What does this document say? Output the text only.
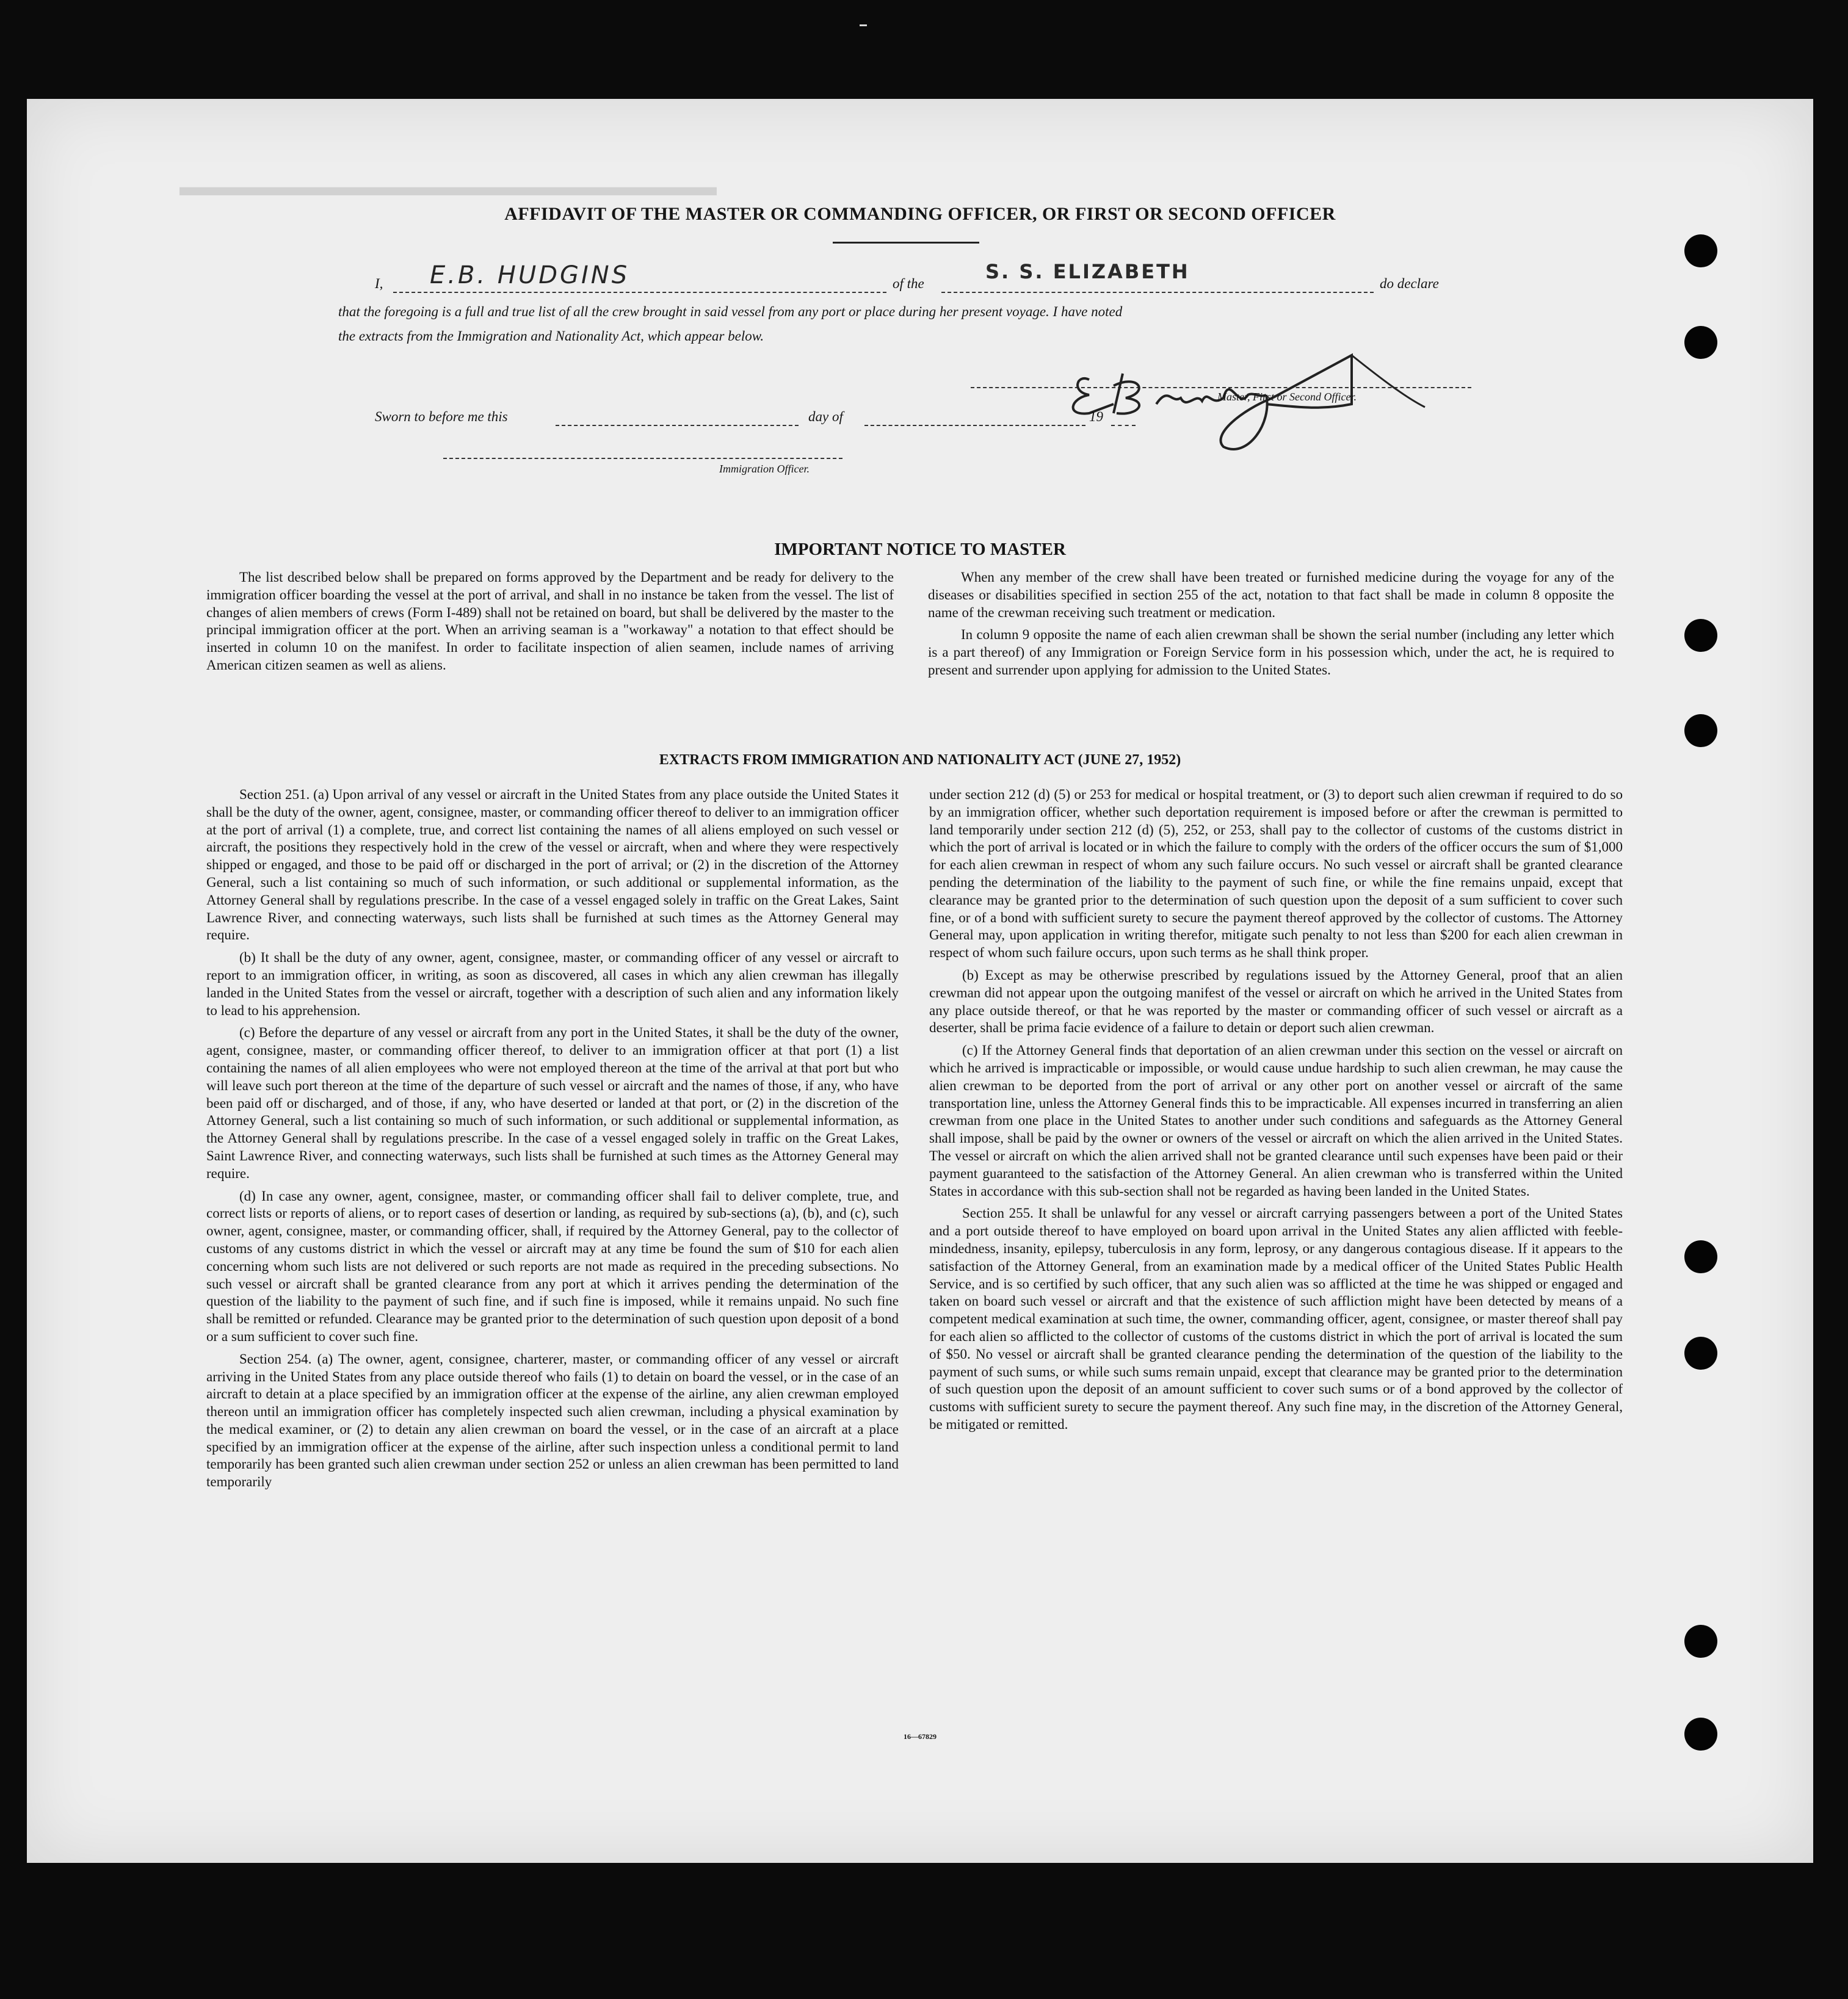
▬▬▬▬▬▬▬▬▬▬▬▬▬▬▬▬▬▬▬▬
AFFIDAVIT OF THE MASTER OR COMMANDING OFFICER, OR FIRST OR SECOND OFFICER
I, E.B. HUDGINS	of the
S. S. ELIZABETH
do declare
that the foregoing is a full and true list of all the crew brought in said vessel from any port or place during her present voyage. I have noted
the extracts from the Immigration and Nationality Act, which appear below.
Master, First or Second Officer.
Sworn to before me this	day of	19
Immigration Officer.
IMPORTANT NOTICE TO MASTER

The list described below shall be prepared on forms approved by the Department and be ready for delivery to the immigration officer boarding the vessel at the port of arrival, and shall in no instance be taken from the vessel. The list of changes of alien members of crews (Form I-489) shall not be retained on board, but shall be delivered by the master to the principal immigration officer at the port. When an arriving seaman is a "workaway" a notation to that effect should be inserted in column 10 on the manifest. In order to facilitate inspection of alien seamen, include names of arriving American citizen seamen as well as aliens.

When any member of the crew shall have been treated or furnished medicine during the voyage for any of the diseases or disabilities specified in section 255 of the act, notation to that fact shall be made in column 8 opposite the name of the crewman receiving such treatment or medication.

In column 9 opposite the name of each alien crewman shall be shown the serial number (including any letter which is a part thereof) of any Immigration or Foreign Service form in his possession which, under the act, he is required to present and surrender upon applying for admission to the United States.

EXTRACTS FROM IMMIGRATION AND NATIONALITY ACT (JUNE 27, 1952)

Section 251. (a) Upon arrival of any vessel or aircraft in the United States from any place outside the United States it shall be the duty of the owner, agent, consignee, master, or commanding officer thereof to deliver to an immigration officer at the port of arrival (1) a complete, true, and correct list containing the names of all aliens employed on such vessel or aircraft, the positions they respectively hold in the crew of the vessel or aircraft, when and where they were respectively shipped or engaged, and those to be paid off or discharged in the port of arrival; or (2) in the discretion of the Attorney General, such a list containing so much of such information, or such additional or supplemental information, as the Attorney General shall by regulations prescribe. In the case of a vessel engaged solely in traffic on the Great Lakes, Saint Lawrence River, and connecting waterways, such lists shall be furnished at such times as the Attorney General may require.

(b) It shall be the duty of any owner, agent, consignee, master, or commanding officer of any vessel or aircraft to report to an immigration officer, in writing, as soon as discovered, all cases in which any alien crewman has illegally landed in the United States from the vessel or aircraft, together with a description of such alien and any information likely to lead to his apprehension.

(c) Before the departure of any vessel or aircraft from any port in the United States, it shall be the duty of the owner, agent, consignee, master, or commanding officer thereof, to deliver to an immigration officer at that port (1) a list containing the names of all alien employees who were not employed thereon at the time of the arrival at that port but who will leave such port thereon at the time of the departure of such vessel or aircraft and the names of those, if any, who have been paid off or discharged, and of those, if any, who have deserted or landed at that port, or (2) in the discretion of the Attorney General, such a list containing so much of such information, or such additional or supplemental information, as the Attorney General shall by regulations prescribe. In the case of a vessel engaged solely in traffic on the Great Lakes, Saint Lawrence River, and connecting waterways, such lists shall be furnished at such times as the Attorney General may require.

(d) In case any owner, agent, consignee, master, or commanding officer shall fail to deliver complete, true, and correct lists or reports of aliens, or to report cases of desertion or landing, as required by sub-sections (a), (b), and (c), such owner, agent, consignee, master, or commanding officer, shall, if required by the Attorney General, pay to the collector of customs of any customs district in which the vessel or aircraft may at any time be found the sum of $10 for each alien concerning whom such lists are not delivered or such reports are not made as required in the preceding subsections. No such vessel or aircraft shall be granted clearance from any port at which it arrives pending the determination of the question of the liability to the payment of such fine, and if such fine is imposed, while it remains unpaid. No such fine shall be remitted or refunded. Clearance may be granted prior to the determination of such question upon deposit of a bond or a sum sufficient to cover such fine.

Section 254. (a) The owner, agent, consignee, charterer, master, or commanding officer of any vessel or aircraft arriving in the United States from any place outside thereof who fails (1) to detain on board the vessel, or in the case of an aircraft to detain at a place specified by an immigration officer at the expense of the airline, any alien crewman employed thereon until an immigration officer has completely inspected such alien crewman, including a physical examination by the medical examiner, or (2) to detain any alien crewman on board the vessel, or in the case of an aircraft at a place specified by an immigration officer at the expense of the airline, after such inspection unless a conditional permit to land temporarily has been granted such alien crewman under section 252 or unless an alien crewman has been permitted to land temporarily

under section 212 (d) (5) or 253 for medical or hospital treatment, or (3) to deport such alien crewman if required to do so by an immigration officer, whether such deportation requirement is imposed before or after the crewman is permitted to land temporarily under section 212 (d) (5), 252, or 253, shall pay to the collector of customs of the customs district in which the port of arrival is located or in which the failure to comply with the orders of the officer occurs the sum of $1,000 for each alien crewman in respect of whom any such failure occurs. No such vessel or aircraft shall be granted clearance pending the determination of the liability to the payment of such fine, or while the fine remains unpaid, except that clearance may be granted prior to the determination of such question upon the deposit of a sum sufficient to cover such fine, or of a bond with sufficient surety to secure the payment thereof approved by the collector of customs. The Attorney General may, upon application in writing therefor, mitigate such penalty to not less than $200 for each alien crewman in respect of whom such failure occurs, upon such terms as he shall think proper.

(b) Except as may be otherwise prescribed by regulations issued by the Attorney General, proof that an alien crewman did not appear upon the outgoing manifest of the vessel or aircraft on which he arrived in the United States from any place outside thereof, or that he was reported by the master or commanding officer of such vessel or aircraft as a deserter, shall be prima facie evidence of a failure to detain or deport such alien crewman.

(c) If the Attorney General finds that deportation of an alien crewman under this section on the vessel or aircraft on which he arrived is impracticable or impossible, or would cause undue hardship to such alien crewman, he may cause the alien crewman to be deported from the port of arrival or any other port on another vessel or aircraft of the same transportation line, unless the Attorney General finds this to be impracticable. All expenses incurred in transferring an alien crewman from one place in the United States to another under such conditions and safeguards as the Attorney General shall impose, shall be paid by the owner or owners of the vessel or aircraft on which the alien arrived in the United States. The vessel or aircraft on which the alien arrived shall not be granted clearance until such expenses have been paid or their payment guaranteed to the satisfaction of the Attorney General. An alien crewman who is transferred within the United States in accordance with this sub-section shall not be regarded as having been landed in the United States.

Section 255. It shall be unlawful for any vessel or aircraft carrying passengers between a port of the United States and a port outside thereof to have employed on board upon arrival in the United States any alien afflicted with feeble-mindedness, insanity, epilepsy, tuberculosis in any form, leprosy, or any dangerous contagious disease. If it appears to the satisfaction of the Attorney General, from an examination made by a medical officer of the United States Public Health Service, and is so certified by such officer, that any such alien was so afflicted at the time he was shipped or engaged and taken on board such vessel or aircraft and that the existence of such affliction might have been detected by means of a competent medical examination at such time, the owner, commanding officer, agent, consignee, or master thereof shall pay for each alien so afflicted to the collector of customs of the customs district in which the port of arrival is located the sum of $50. No vessel or aircraft shall be granted clearance pending the determination of the question of the liability to the payment of such sums, or while such sums remain unpaid, except that clearance may be granted prior to the determination of such question upon the deposit of an amount sufficient to cover such sums or of a bond approved by the collector of customs with sufficient surety to secure the payment thereof. Any such fine may, in the discretion of the Attorney General, be mitigated or remitted.

16—67829
